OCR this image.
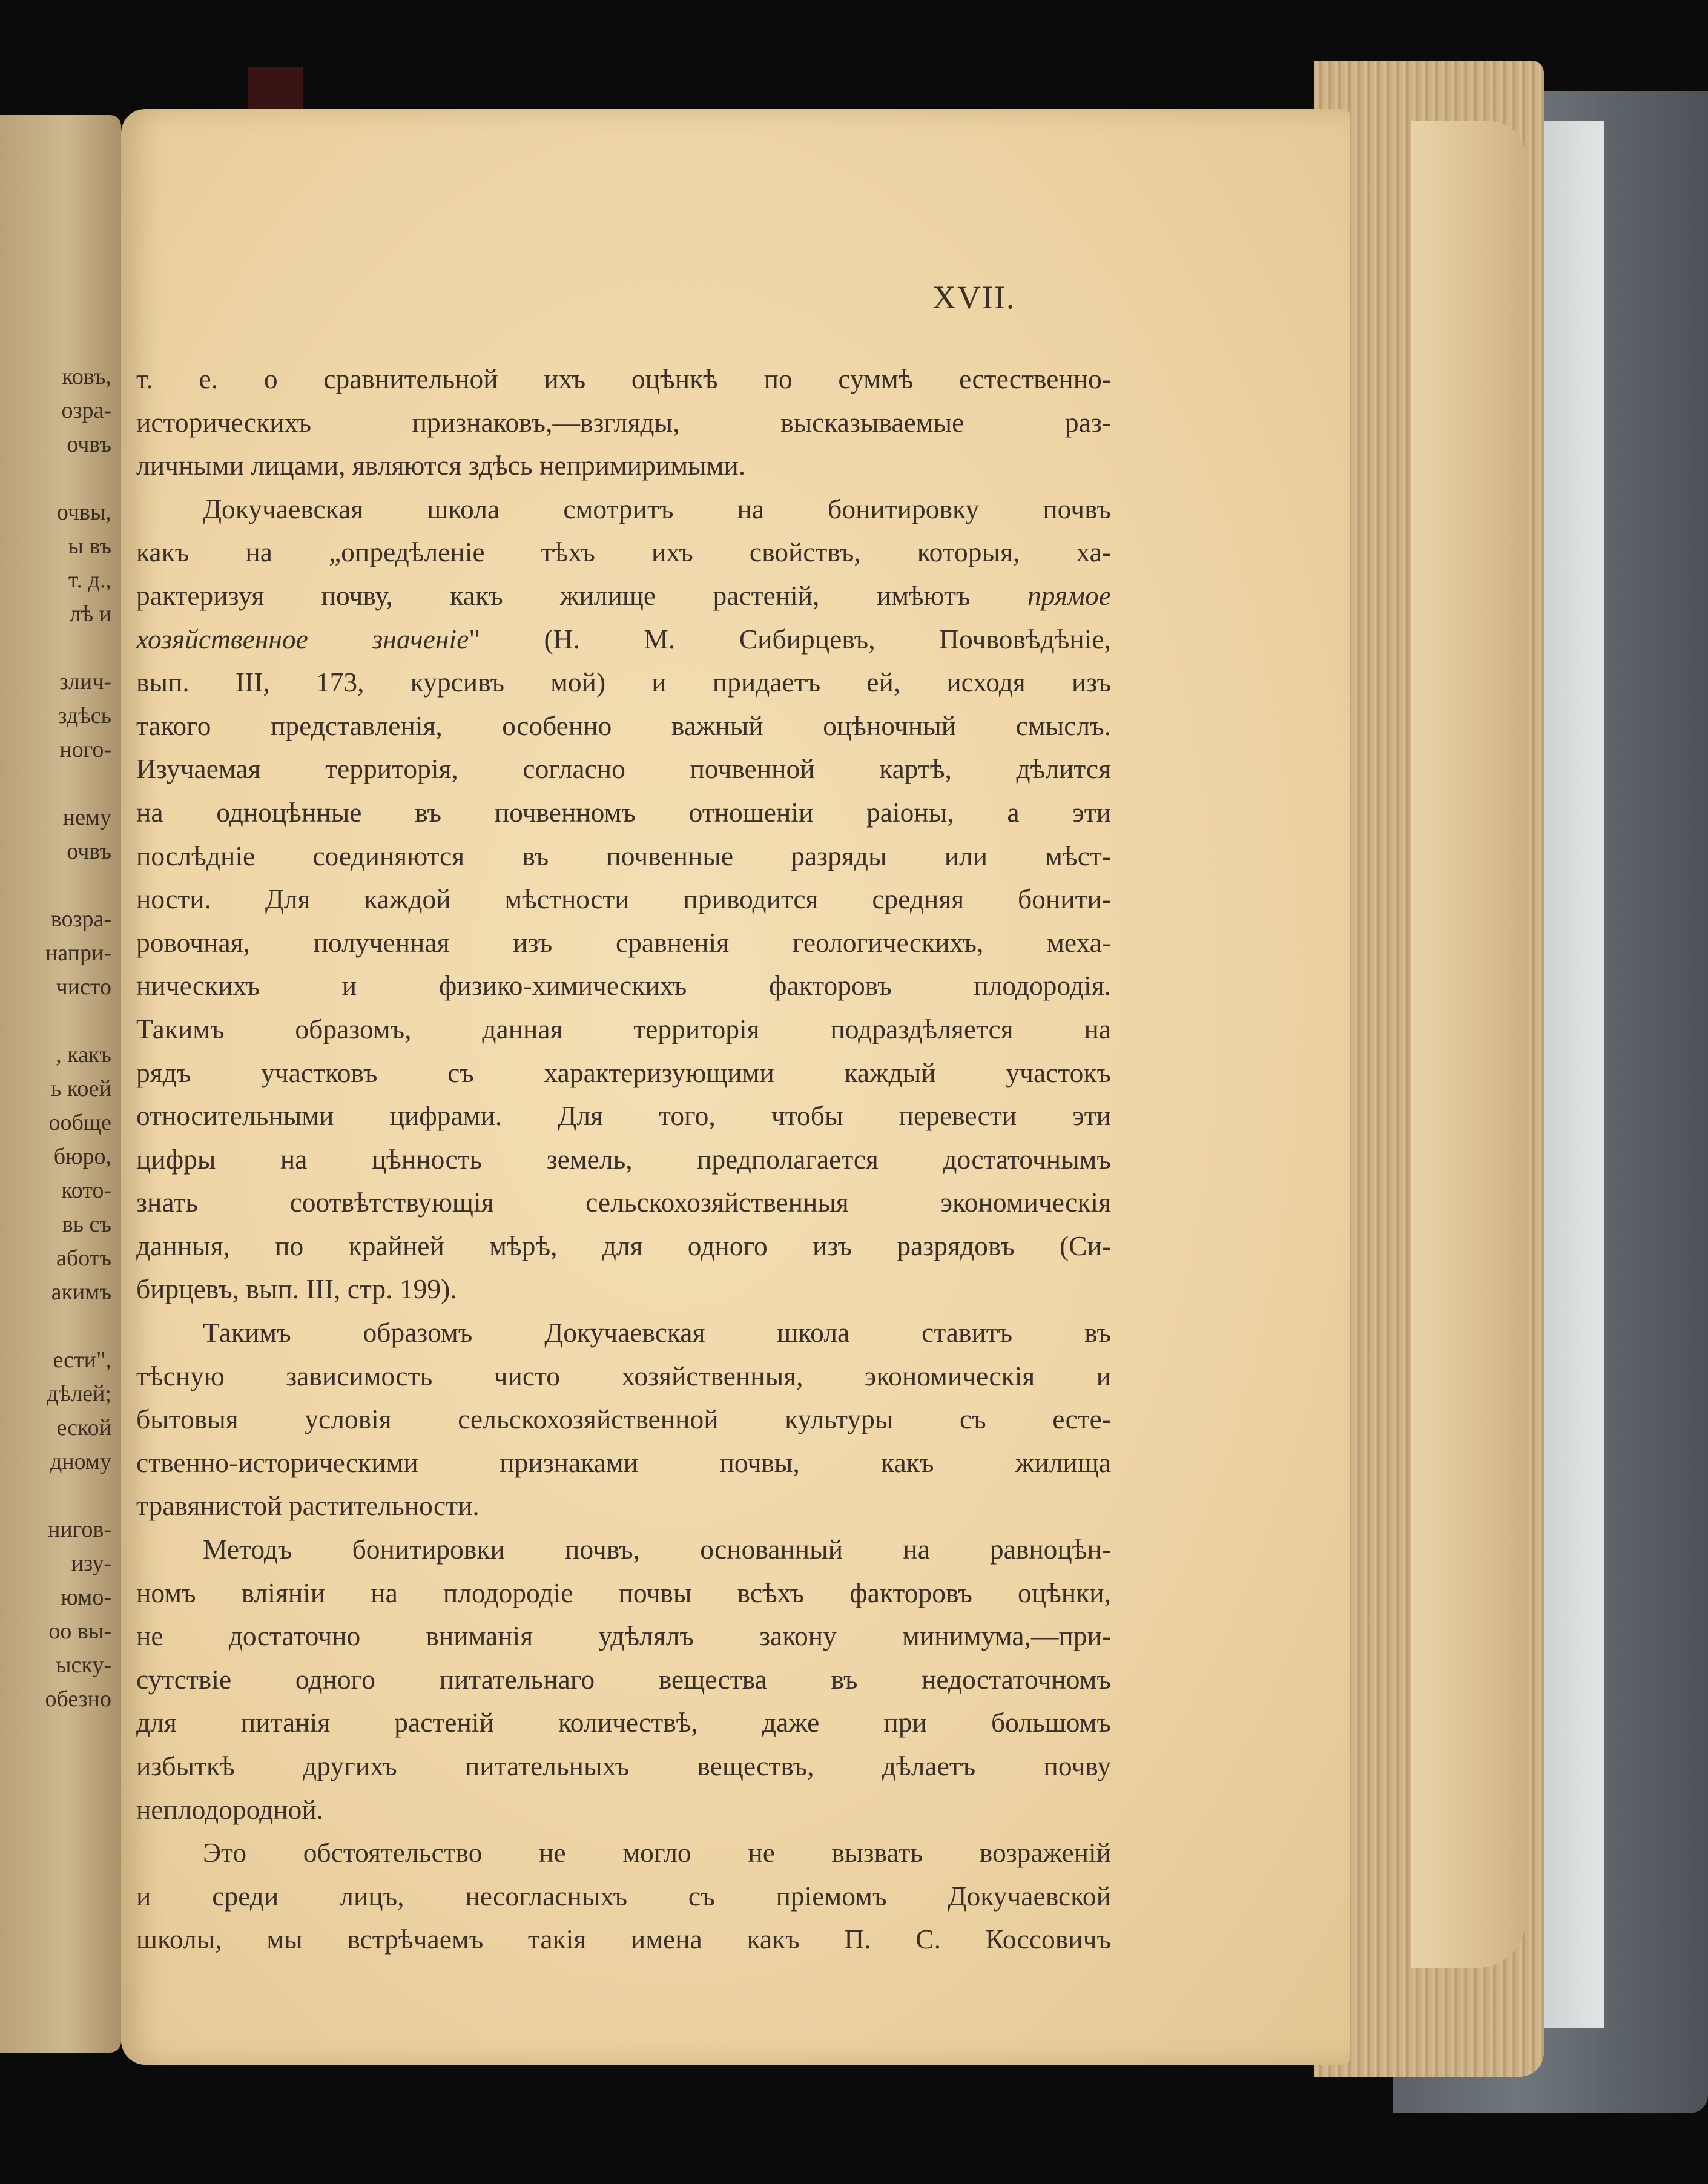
ковъ,
озра-
очвъ
очвы,
ы въ
т. д.,
лѣ и
злич-
здѣсь
ного-
нему
очвъ
возра-
напри-
чисто
, какъ
ь коей
ообще
бюро,
кото-
вь съ
аботъ
акимъ
ести",
дѣлей;
еской
дному
нигов-
изу-
юмо-
оо вы-
ыску-
обезно
XVII.
т. е. о сравнительной ихъ оцѣнкѣ по суммѣ естественно-
историческихъ признаковъ,—взгляды, высказываемые раз-
личными лицами, являются здѣсь непримиримыми.
Докучаевская школа смотритъ на бонитировку почвъ
какъ на „опредѣленіе тѣхъ ихъ свойствъ, которыя, ха-
рактеризуя почву, какъ жилище растеній, имѣютъ прямое
хозяйственное значеніе" (Н. М. Сибирцевъ, Почвовѣдѣніе,
вып. III, 173, курсивъ мой) и придаетъ ей, исходя изъ
такого представленія, особенно важный оцѣночный смыслъ.
Изучаемая территорія, согласно почвенной картѣ, дѣлится
на одноцѣнные въ почвенномъ отношеніи раіоны, а эти
послѣдніе соединяются въ почвенные разряды или мѣст-
ности. Для каждой мѣстности приводится средняя бонити-
ровочная, полученная изъ сравненія геологическихъ, меха-
ническихъ и физико-химическихъ факторовъ плодородія.
Такимъ образомъ, данная территорія подраздѣляется на
рядъ участковъ съ характеризующими каждый участокъ
относительными цифрами. Для того, чтобы перевести эти
цифры на цѣнность земель, предполагается достаточнымъ
знать соотвѣтствующія сельскохозяйственныя экономическія
данныя, по крайней мѣрѣ, для одного изъ разрядовъ (Си-
бирцевъ, вып. III, стр. 199).
Такимъ образомъ Докучаевская школа ставитъ въ
тѣсную зависимость чисто хозяйственныя, экономическія и
бытовыя условія сельскохозяйственной культуры съ есте-
ственно-историческими признаками почвы, какъ жилища
травянистой растительности.
Методъ бонитировки почвъ, основанный на равноцѣн-
номъ вліяніи на плодородіе почвы всѣхъ факторовъ оцѣнки,
не достаточно вниманія удѣлялъ закону минимума,—при-
сутствіе одного питательнаго вещества въ недостаточномъ
для питанія растеній количествѣ, даже при большомъ
избыткѣ другихъ питательныхъ веществъ, дѣлаетъ почву
неплодородной.
Это обстоятельство не могло не вызвать возраженій
и среди лицъ, несогласныхъ съ пріемомъ Докучаевской
школы, мы встрѣчаемъ такія имена какъ П. С. Коссовичъ
